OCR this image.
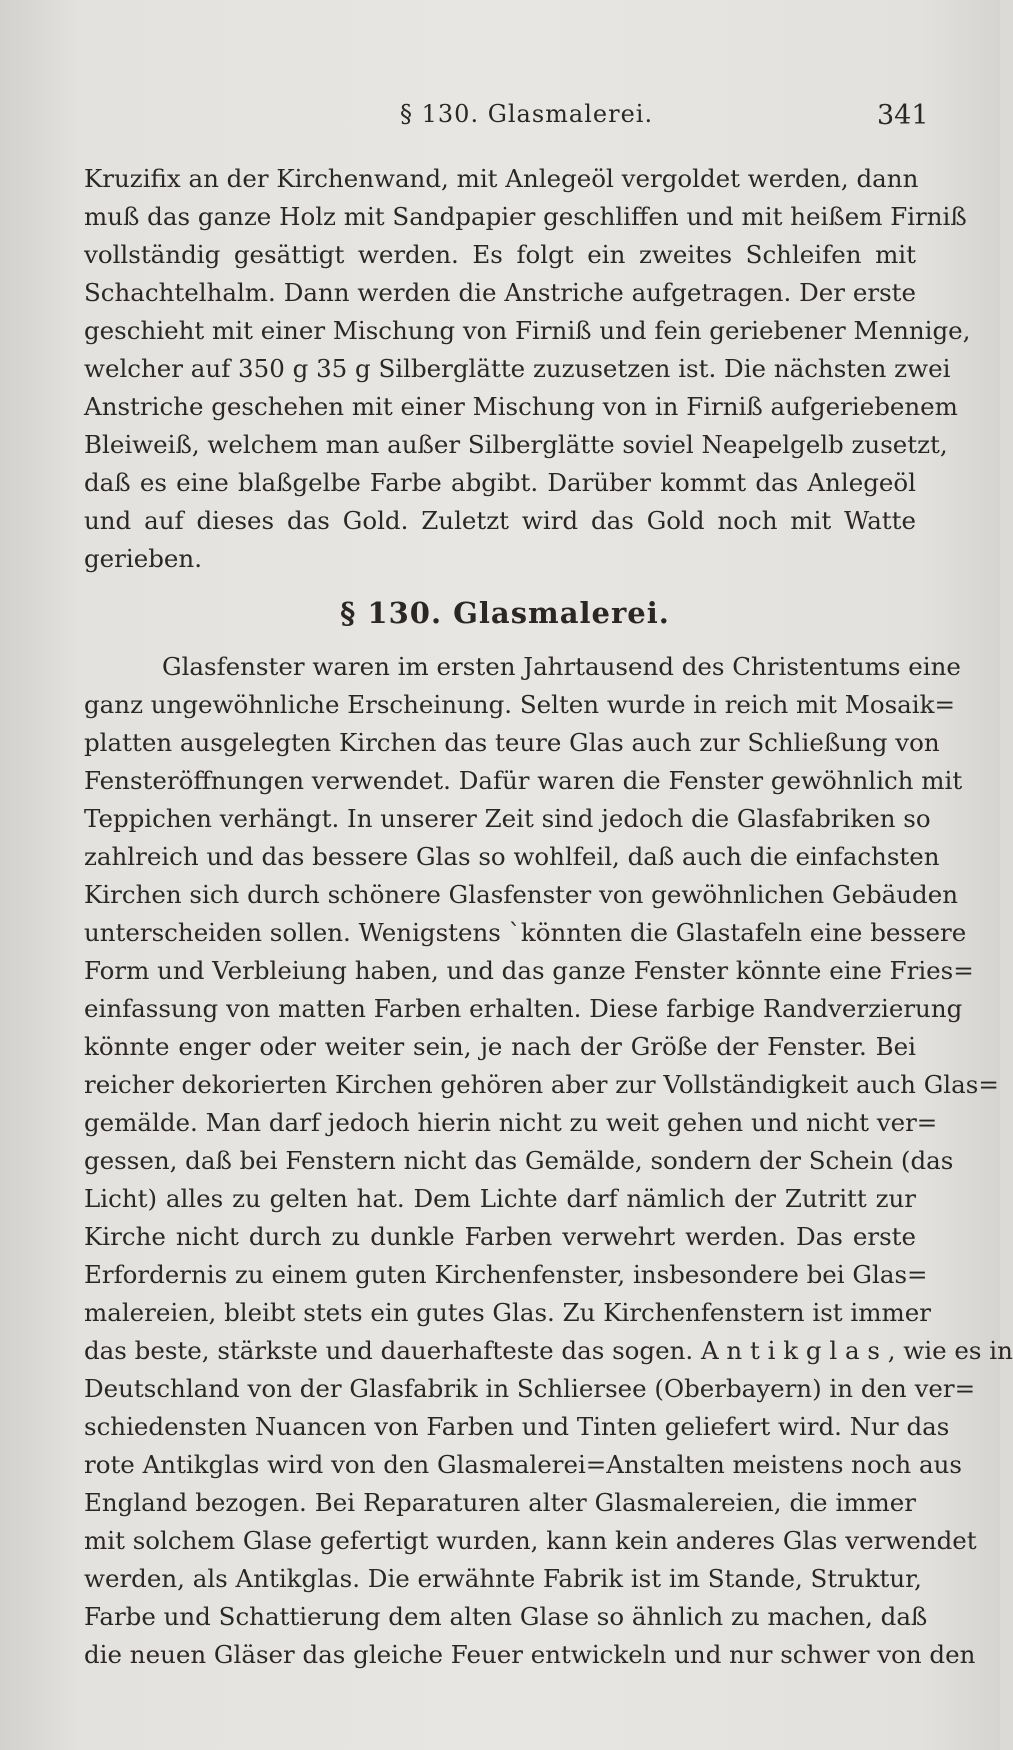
§ 130. Glasmalerei.	341
Kruzifix an der Kirchenwand, mit Anlegeöl vergoldet werden, dann
muß das ganze Holz mit Sandpapier geschliffen und mit heißem Firniß
vollständig gesättigt werden. Es folgt ein zweites Schleifen mit
Schachtelhalm. Dann werden die Anstriche aufgetragen. Der erste
geschieht mit einer Mischung von Firniß und fein geriebener Mennige,
welcher auf 350 g 35 g Silberglätte zuzusetzen ist. Die nächsten zwei
Anstriche geschehen mit einer Mischung von in Firniß aufgeriebenem
Bleiweiß, welchem man außer Silberglätte soviel Neapelgelb zusetzt,
daß es eine blaßgelbe Farbe abgibt. Darüber kommt das Anlegeöl
und auf dieses das Gold. Zuletzt wird das Gold noch mit Watte
gerieben.
§ 130. Glasmalerei.
Glasfenster waren im ersten Jahrtausend des Christentums eine
ganz ungewöhnliche Erscheinung. Selten wurde in reich mit Mosaik=
platten ausgelegten Kirchen das teure Glas auch zur Schließung von
Fensteröffnungen verwendet. Dafür waren die Fenster gewöhnlich mit
Teppichen verhängt. In unserer Zeit sind jedoch die Glasfabriken so
zahlreich und das bessere Glas so wohlfeil, daß auch die einfachsten
Kirchen sich durch schönere Glasfenster von gewöhnlichen Gebäuden
unterscheiden sollen. Wenigstens `könnten die Glastafeln eine bessere
Form und Verbleiung haben, und das ganze Fenster könnte eine Fries=
einfassung von matten Farben erhalten. Diese farbige Randverzierung
könnte enger oder weiter sein, je nach der Größe der Fenster. Bei
reicher dekorierten Kirchen gehören aber zur Vollständigkeit auch Glas=
gemälde. Man darf jedoch hierin nicht zu weit gehen und nicht ver=
gessen, daß bei Fenstern nicht das Gemälde, sondern der Schein (das
Licht) alles zu gelten hat. Dem Lichte darf nämlich der Zutritt zur
Kirche nicht durch zu dunkle Farben verwehrt werden. Das erste
Erfordernis zu einem guten Kirchenfenster, insbesondere bei Glas=
malereien, bleibt stets ein gutes Glas. Zu Kirchenfenstern ist immer
das beste, stärkste und dauerhafteste das sogen. A n t i k g l a s , wie es in
Deutschland von der Glasfabrik in Schliersee (Oberbayern) in den ver=
schiedensten Nuancen von Farben und Tinten geliefert wird. Nur das
rote Antikglas wird von den Glasmalerei=Anstalten meistens noch aus
England bezogen. Bei Reparaturen alter Glasmalereien, die immer
mit solchem Glase gefertigt wurden, kann kein anderes Glas verwendet
werden, als Antikglas. Die erwähnte Fabrik ist im Stande, Struktur,
Farbe und Schattierung dem alten Glase so ähnlich zu machen, daß
die neuen Gläser das gleiche Feuer entwickeln und nur schwer von den
